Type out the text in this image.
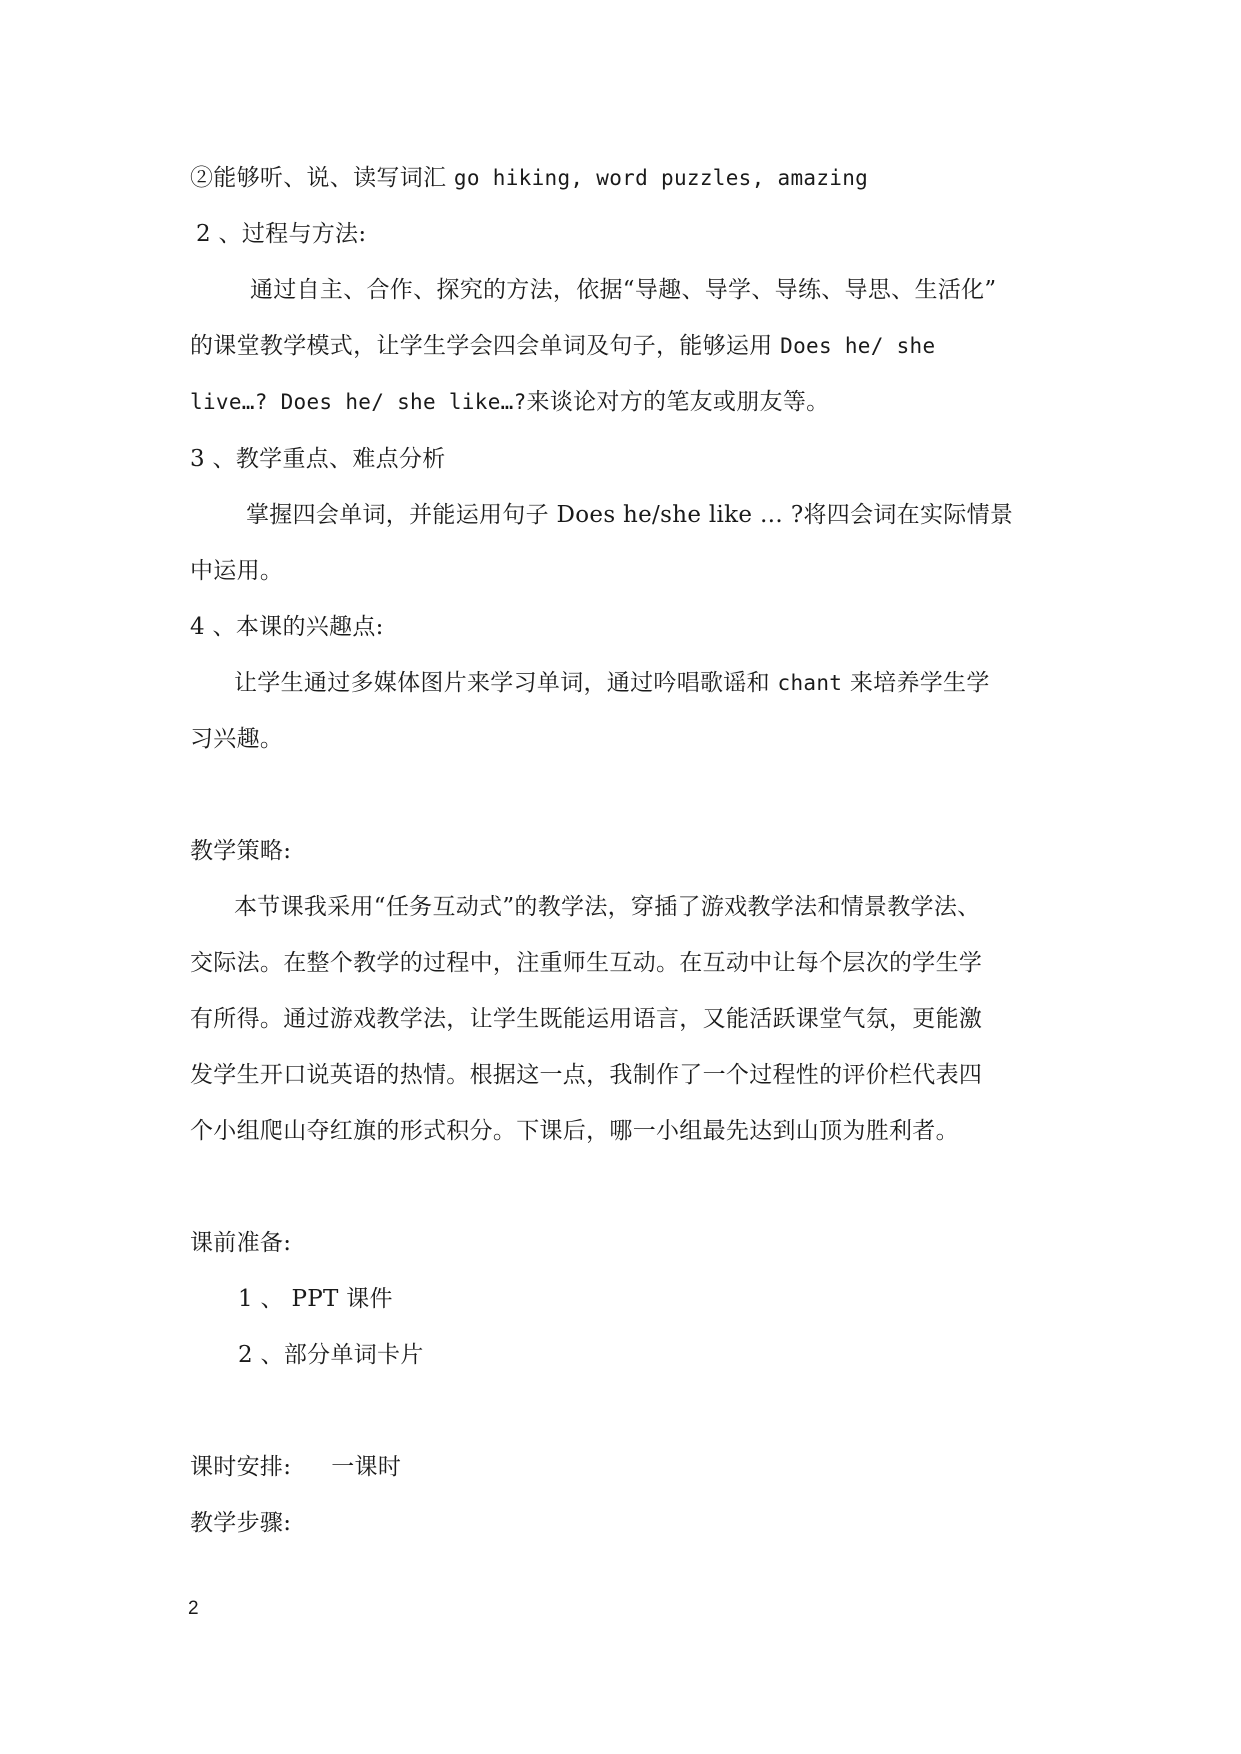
②能够听、说、读写词汇 go hiking, word puzzles, amazing
2 、过程与方法:
通过自主、合作、探究的方法，依据“导趣、导学、导练、导思、生活化”
的课堂教学模式，让学生学会四会单词及句子，能够运用 Does he/ she
live…? Does he/ she like…?来谈论对方的笔友或朋友等。
3 、教学重点、难点分析
掌握四会单词，并能运用句子 Does he/she like … ?将四会词在实际情景
中运用。
4 、本课的兴趣点:
让学生通过多媒体图片来学习单词，通过吟唱歌谣和 chant 来培养学生学
习兴趣。
教学策略:
本节课我采用“任务互动式”的教学法，穿插了游戏教学法和情景教学法、
交际法。在整个教学的过程中，注重师生互动。在互动中让每个层次的学生学
有所得。通过游戏教学法，让学生既能运用语言，又能活跃课堂气氛，更能激
发学生开口说英语的热情。根据这一点，我制作了一个过程性的评价栏代表四
个小组爬山夺红旗的形式积分。下课后，哪一小组最先达到山顶为胜利者。
课前准备:
1 、 PPT 课件
2 、部分单词卡片
课时安排: 一课时
教学步骤:
2
